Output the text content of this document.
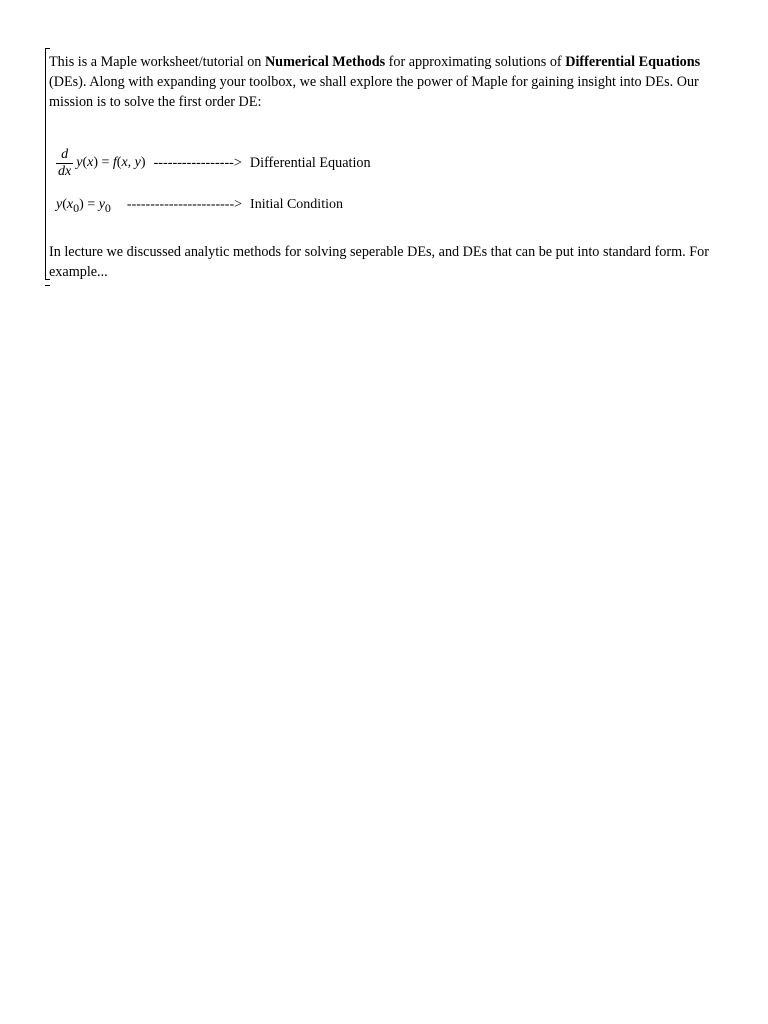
This is a Maple worksheet/tutorial on Numerical Methods for approximating solutions of Differential Equations (DEs). Along with expanding your toolbox, we shall explore the power of Maple for gaining insight into DEs. Our mission is to solve the first order DE:

$\frac{d}{dx} y(x) = f(x$, y) -----------------> Differential Equation
y(x0) = y0 -----------------------> Initial Condition

In lecture we discussed analytic methods for solving seperable DEs, and DEs that can be put into standard form. For example...
